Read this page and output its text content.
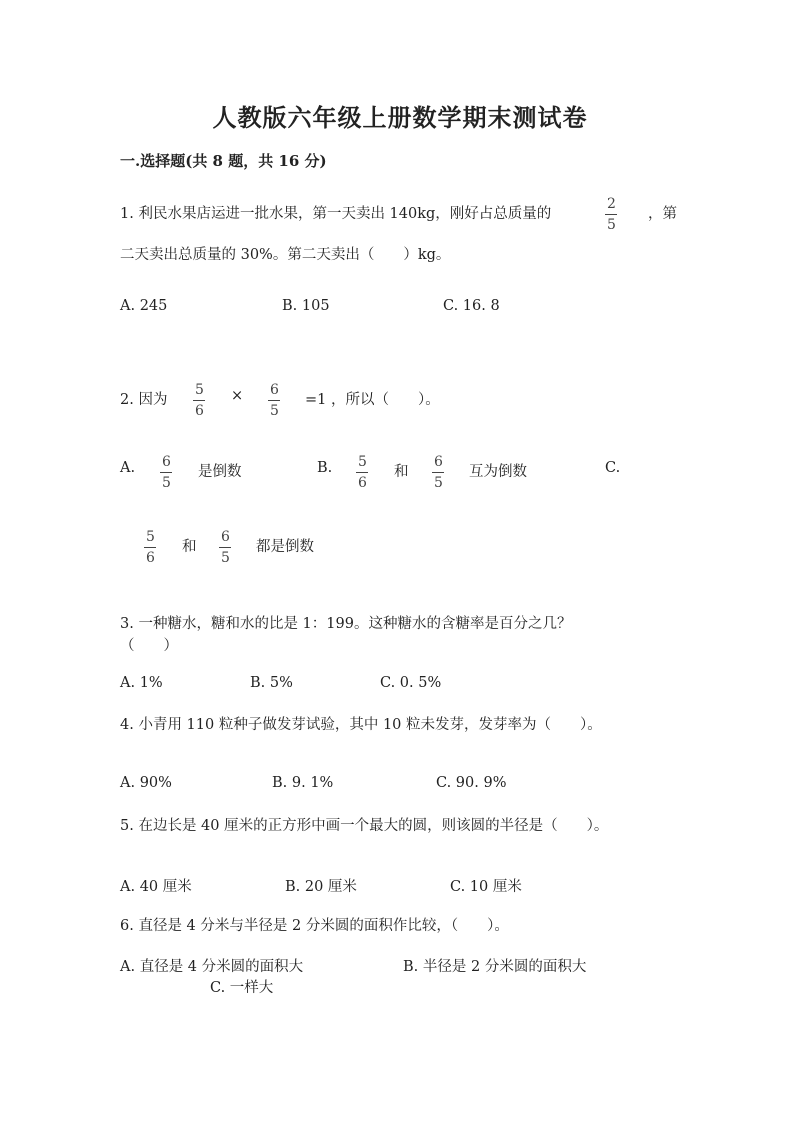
人教版六年级上册数学期末测试卷
一.选择题(共 8 题，共 16 分)
1. 利民水果店运进一批水果，第一天卖出 140kg，刚好占总质量的
2
5
，第
二天卖出总质量的 30%。第二天卖出（　　）kg。
A. 245	B. 105	C. 16. 8
2. 因为
5
6
× 6
5
=1 ，所以（　　）。
A. 6
5
是倒数	B. 5
6
和
6
5
互为倒数	C.
5
6
和
6
5
都是倒数
3. 一种糖水，糖和水的比是 1：199。这种糖水的含糖率是百分之几？
（　　）
A. 1%	B. 5%	C. 0. 5%
4. 小青用 110 粒种子做发芽试验，其中 10 粒未发芽，发芽率为（　　）。
A. 90%	B. 9. 1%	C. 90. 9%
5. 在边长是 40 厘米的正方形中画一个最大的圆，则该圆的半径是（　　）。
A. 40 厘米	B. 20 厘米	C. 10 厘米
6. 直径是 4 分米与半径是 2 分米圆的面积作比较，（　　）。
A. 直径是 4 分米圆的面积大	B. 半径是 2 分米圆的面积大
C. 一样大
